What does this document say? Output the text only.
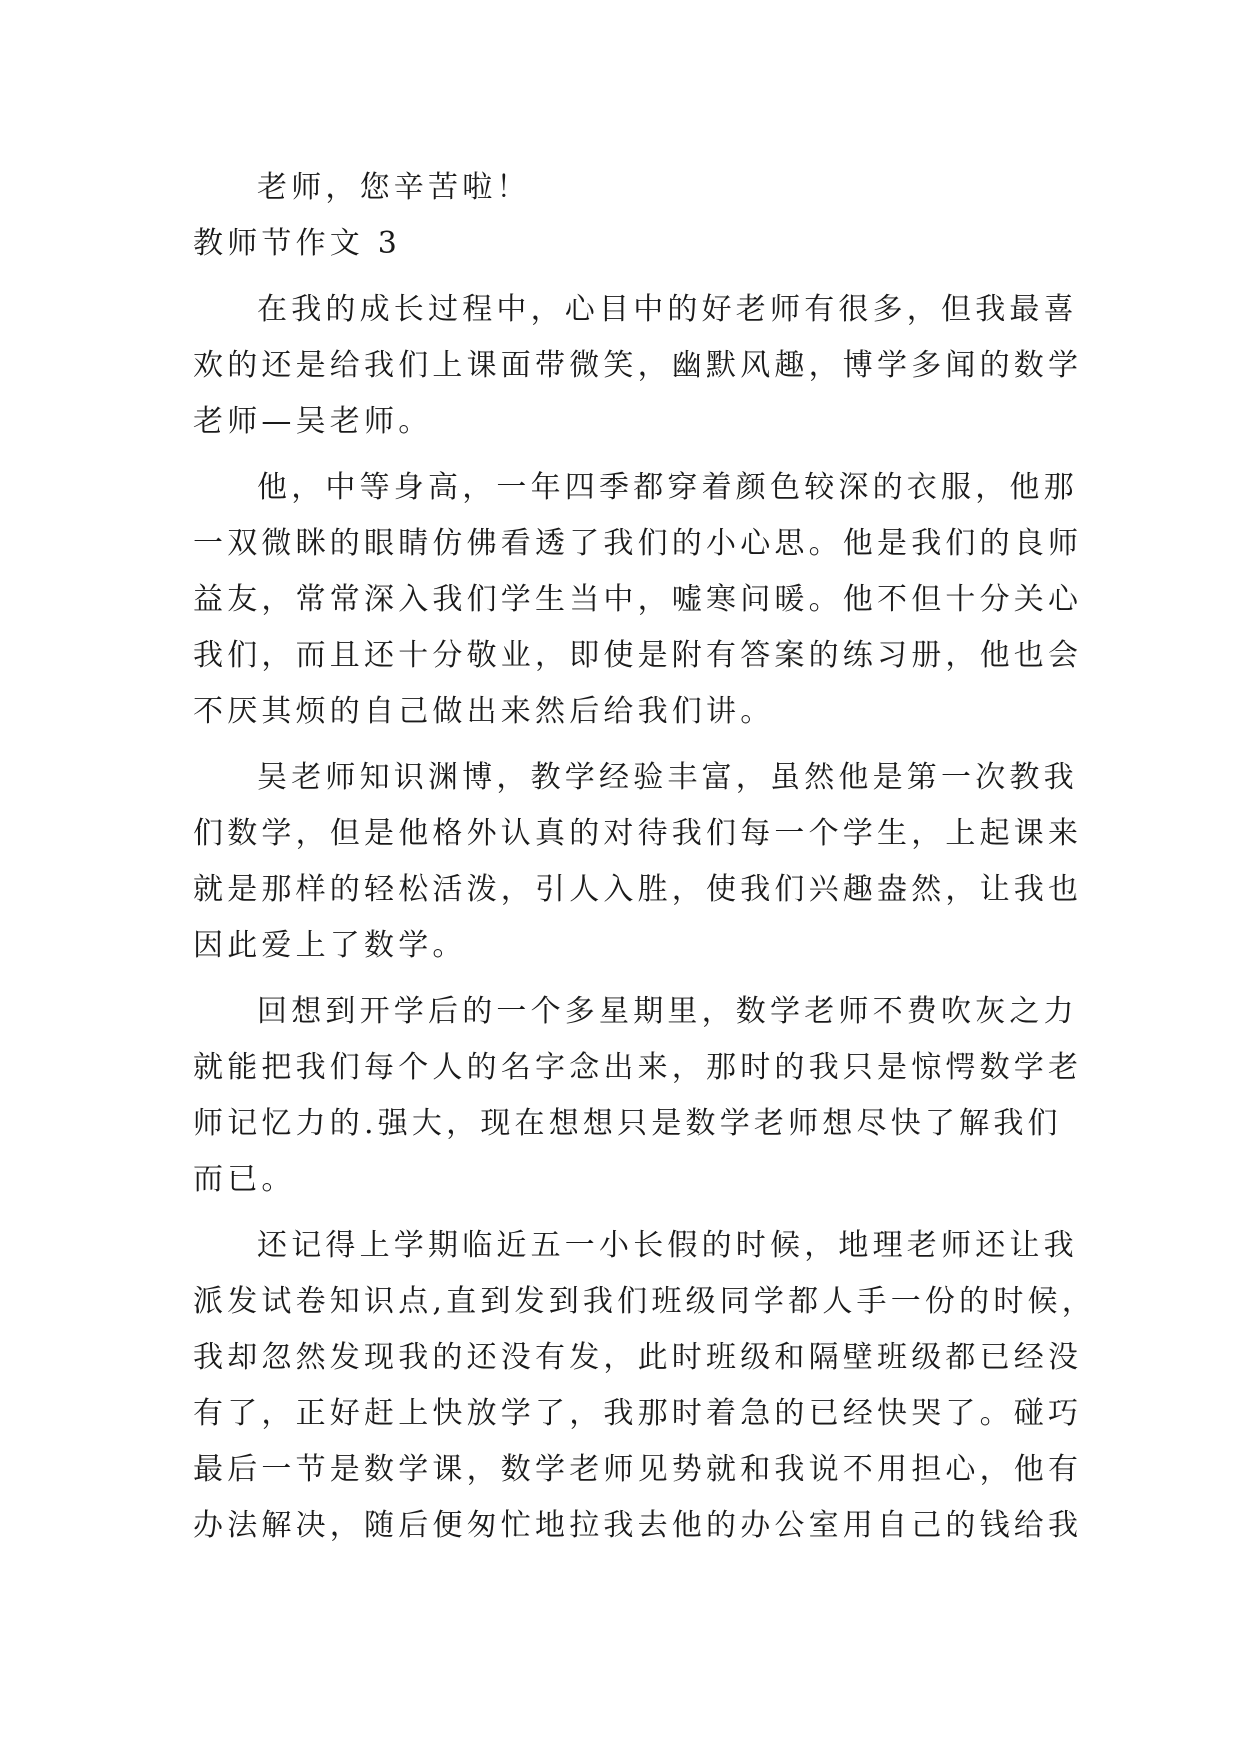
老师，您辛苦啦！

教师节作文 3

在我的成长过程中，心目中的好老师有很多，但我最喜

欢的还是给我们上课面带微笑，幽默风趣，博学多闻的数学

老师—吴老师。

他，中等身高，一年四季都穿着颜色较深的衣服，他那

一双微眯的眼睛仿佛看透了我们的小心思。他是我们的良师

益友，常常深入我们学生当中，嘘寒问暖。他不但十分关心

我们，而且还十分敬业，即使是附有答案的练习册，他也会

不厌其烦的自己做出来然后给我们讲。

吴老师知识渊博，教学经验丰富，虽然他是第一次教我

们数学，但是他格外认真的对待我们每一个学生，上起课来

就是那样的轻松活泼，引人入胜，使我们兴趣盎然，让我也

因此爱上了数学。

回想到开学后的一个多星期里，数学老师不费吹灰之力

就能把我们每个人的名字念出来，那时的我只是惊愕数学老

师记忆力的.强大，现在想想只是数学老师想尽快了解我们

而已。

还记得上学期临近五一小长假的时候，地理老师还让我

派发试卷知识点,直到发到我们班级同学都人手一份的时候，

我却忽然发现我的还没有发，此时班级和隔壁班级都已经没

有了，正好赶上快放学了，我那时着急的已经快哭了。碰巧

最后一节是数学课，数学老师见势就和我说不用担心，他有

办法解决，随后便匆忙地拉我去他的办公室用自己的钱给我
